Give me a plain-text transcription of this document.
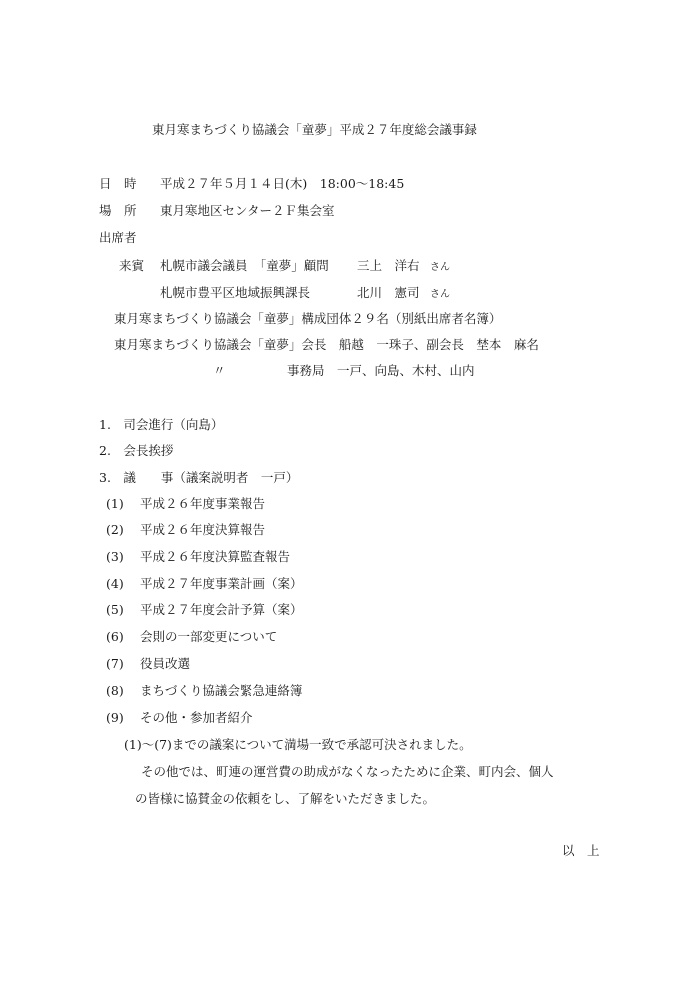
東月寒まちづくり協議会「童夢」平成２７年度総会議事録
日　時 平成２７年５月１４日(木)　18:00～18:45
場　所 東月寒地区センター２Ｆ集会室
出席者
来賓 札幌市議会議員　「童夢」顧問 三上　洋右 さん
札幌市豊平区地域振興課長	北川　憲司 さん
東月寒まちづくり協議会「童夢」構成団体２９名（別紙出席者名簿）
東月寒まちづくり協議会「童夢」会長　船越　一珠子、副会長　埜本　麻名
〃	事務局　一戸、向島、木村、山内
1.　司会進行（向島）
2.　会長挨拶
3.　議　　事（議案説明者　一戸）
(1) 平成２６年度事業報告
(2) 平成２６年度決算報告
(3) 平成２６年度決算監査報告
(4) 平成２７年度事業計画（案）
(5) 平成２７年度会計予算（案）
(6) 会則の一部変更について
(7) 役員改選
(8) まちづくり協議会緊急連絡簿
(9) その他・参加者紹介
(1)～(7)までの議案について満場一致で承認可決されました。
その他では、町連の運営費の助成がなくなったために企業、町内会、個人
の皆様に協賛金の依頼をし、了解をいただきました。
以　上
